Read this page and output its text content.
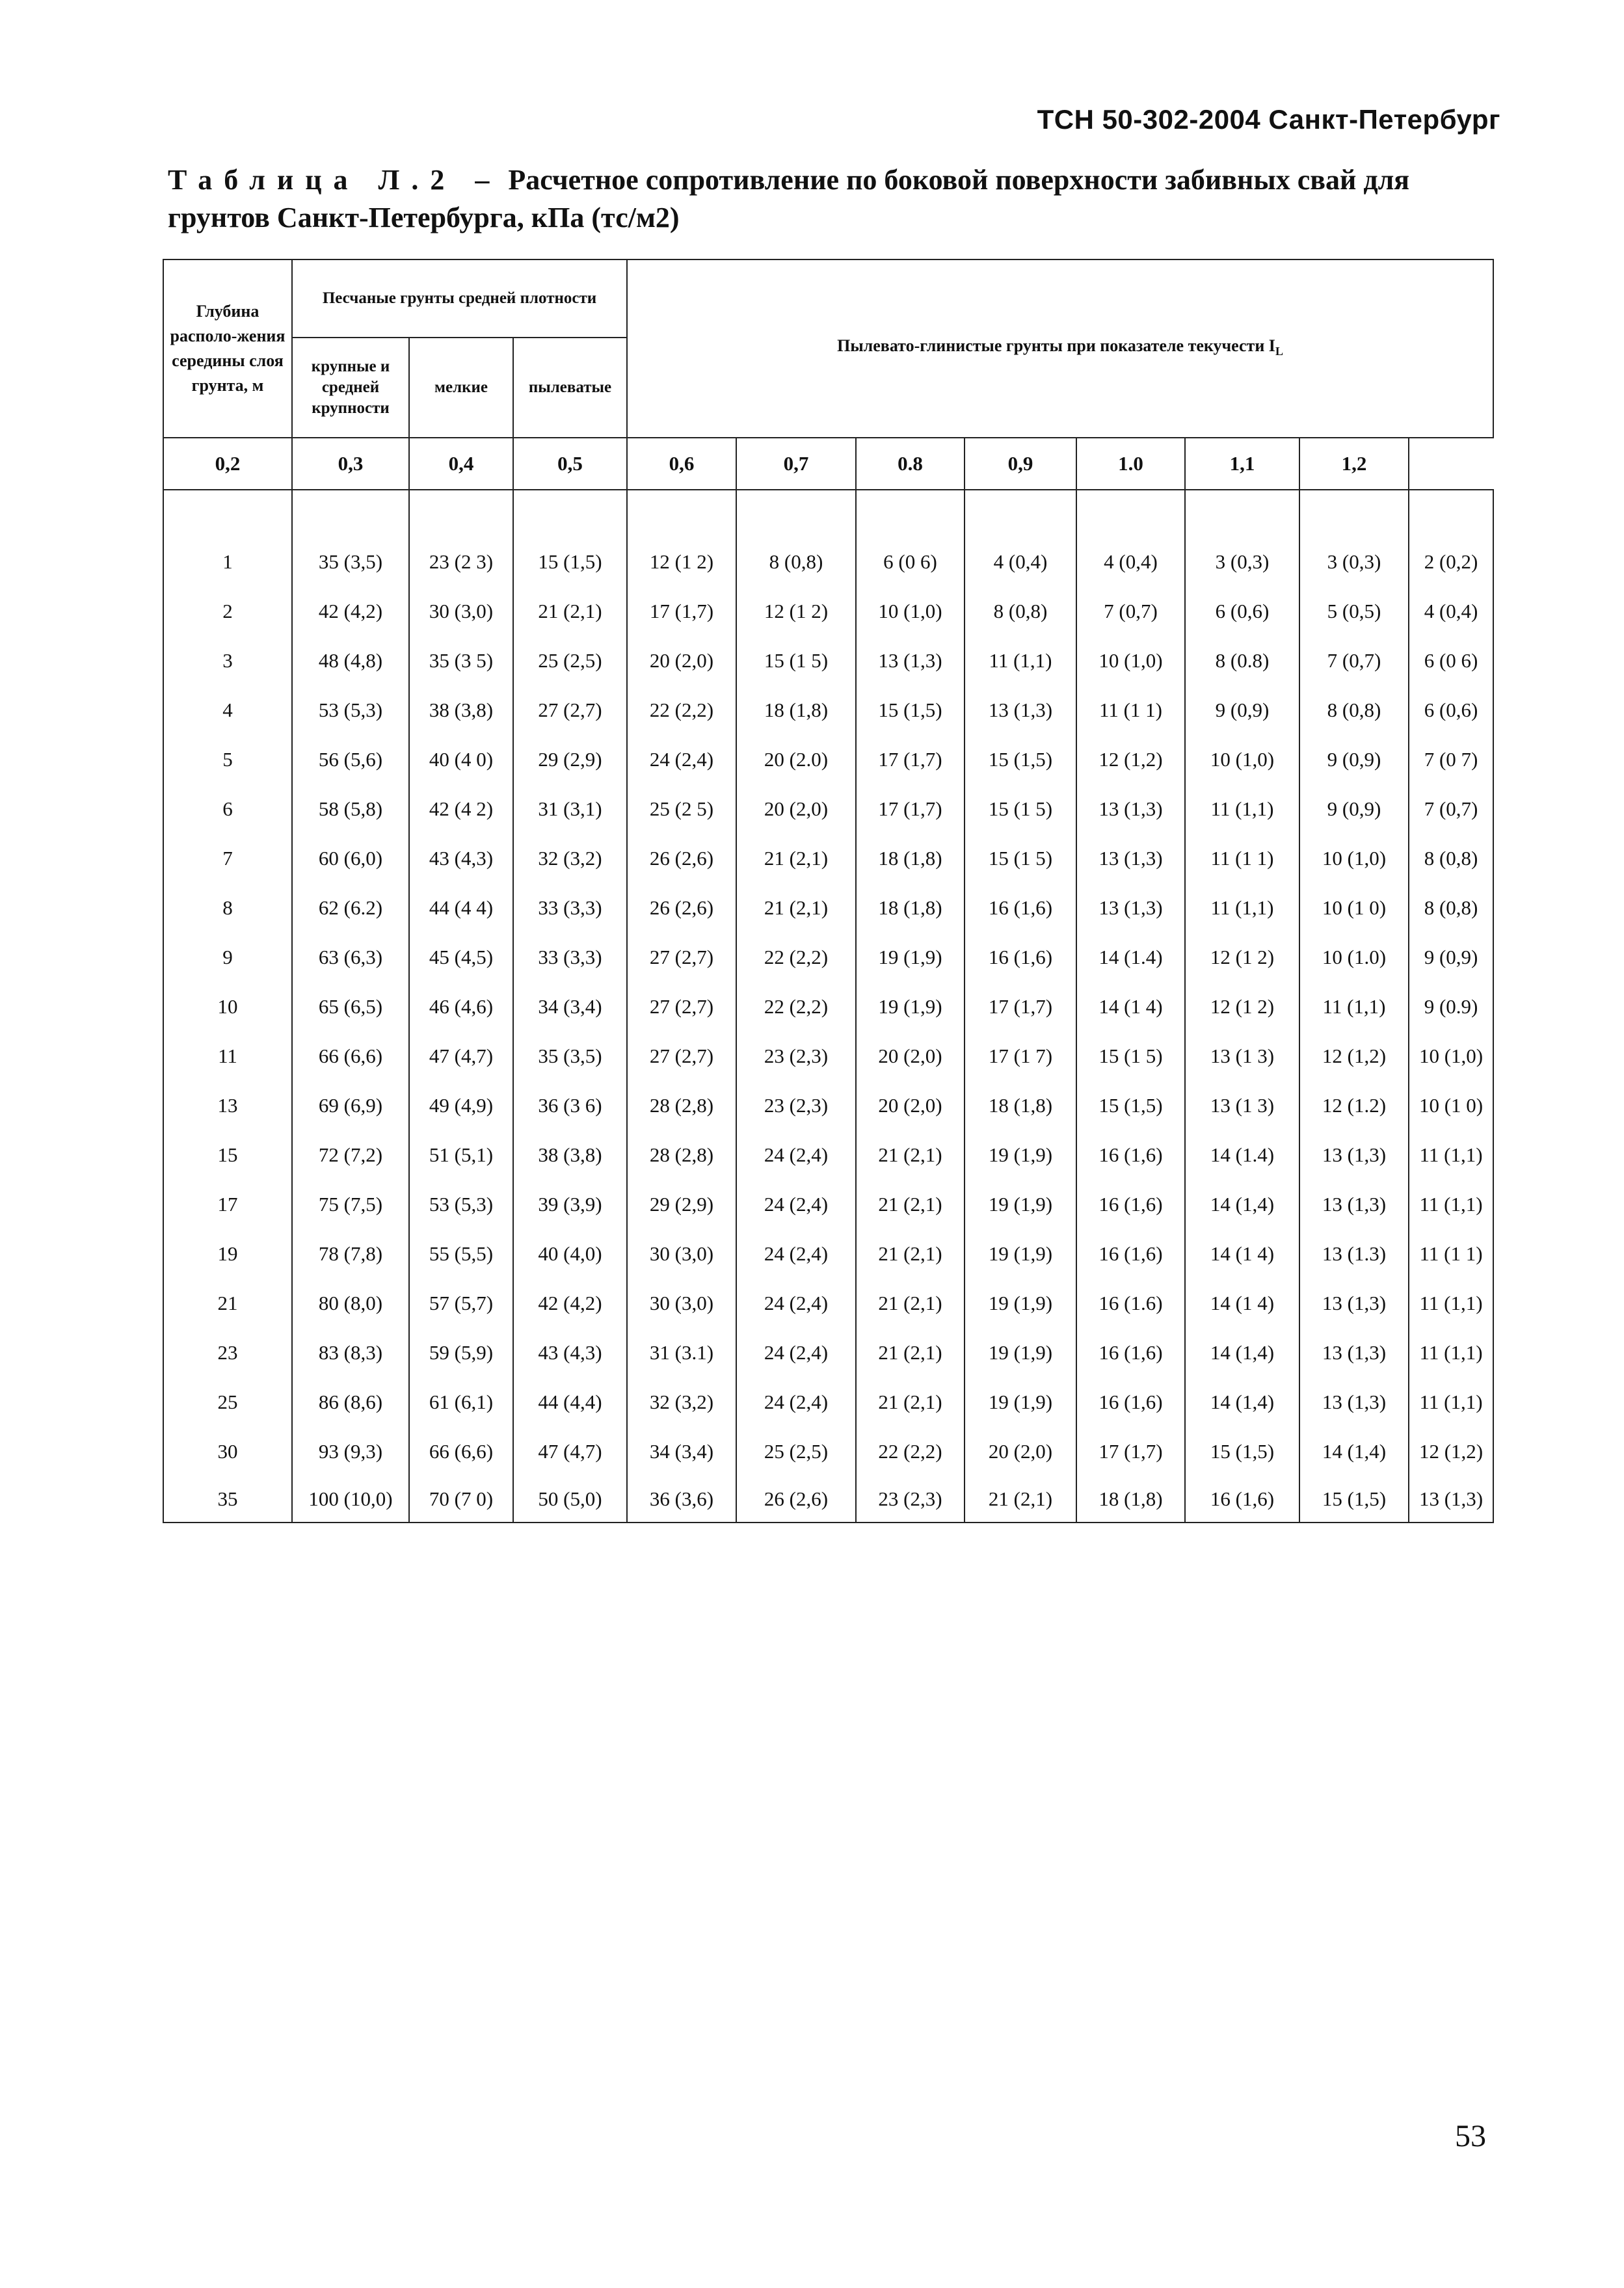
ТСН 50-302-2004 Санкт-Петербург
Таблица Л.2 – Расчетное сопротивление по боковой поверхности забивных свай для грунтов Санкт-Петербурга, кПа (тс/м2)
Глубина располо-жения середины слоя грунта, м	Песчаные грунты средней плотности			Пылевато-глинистые грунты при показателе текучести $I_L$
	крупные и средней крупности	мелкие	пылеватые								
0,2	0,3	0,4	0,5	0,6	0,7	0.8	0,9	1.0	1,1	1,2	

1	35 (3,5)	23 (2 3)	15 (1,5)	12 (1 2)	8 (0,8)	6 (0 6)	4 (0,4)	4 (0,4)	3 (0,3)	3 (0,3)	2 (0,2)
2	42 (4,2)	30 (3,0)	21 (2,1)	17 (1,7)	12 (1 2)	10 (1,0)	8 (0,8)	7 (0,7)	6 (0,6)	5 (0,5)	4 (0,4)
3	48 (4,8)	35 (3 5)	25 (2,5)	20 (2,0)	15 (1 5)	13 (1,3)	11 (1,1)	10 (1,0)	8 (0.8)	7 (0,7)	6 (0 6)
4	53 (5,3)	38 (3,8)	27 (2,7)	22 (2,2)	18 (1,8)	15 (1,5)	13 (1,3)	11 (1 1)	9 (0,9)	8 (0,8)	6 (0,6)
5	56 (5,6)	40 (4 0)	29 (2,9)	24 (2,4)	20 (2.0)	17 (1,7)	15 (1,5)	12 (1,2)	10 (1,0)	9 (0,9)	7 (0 7)
6	58 (5,8)	42 (4 2)	31 (3,1)	25 (2 5)	20 (2,0)	17 (1,7)	15 (1 5)	13 (1,3)	11 (1,1)	9 (0,9)	7 (0,7)
7	60 (6,0)	43 (4,3)	32 (3,2)	26 (2,6)	21 (2,1)	18 (1,8)	15 (1 5)	13 (1,3)	11 (1 1)	10 (1,0)	8 (0,8)
8	62 (6.2)	44 (4 4)	33 (3,3)	26 (2,6)	21 (2,1)	18 (1,8)	16 (1,6)	13 (1,3)	11 (1,1)	10 (1 0)	8 (0,8)
9	63 (6,3)	45 (4,5)	33 (3,3)	27 (2,7)	22 (2,2)	19 (1,9)	16 (1,6)	14 (1.4)	12 (1 2)	10 (1.0)	9 (0,9)
10	65 (6,5)	46 (4,6)	34 (3,4)	27 (2,7)	22 (2,2)	19 (1,9)	17 (1,7)	14 (1 4)	12 (1 2)	11 (1,1)	9 (0.9)
11	66 (6,6)	47 (4,7)	35 (3,5)	27 (2,7)	23 (2,3)	20 (2,0)	17 (1 7)	15 (1 5)	13 (1 3)	12 (1,2)	10 (1,0)
13	69 (6,9)	49 (4,9)	36 (3 6)	28 (2,8)	23 (2,3)	20 (2,0)	18 (1,8)	15 (1,5)	13 (1 3)	12 (1.2)	10 (1 0)
15	72 (7,2)	51 (5,1)	38 (3,8)	28 (2,8)	24 (2,4)	21 (2,1)	19 (1,9)	16 (1,6)	14 (1.4)	13 (1,3)	11 (1,1)
17	75 (7,5)	53 (5,3)	39 (3,9)	29 (2,9)	24 (2,4)	21 (2,1)	19 (1,9)	16 (1,6)	14 (1,4)	13 (1,3)	11 (1,1)
19	78 (7,8)	55 (5,5)	40 (4,0)	30 (3,0)	24 (2,4)	21 (2,1)	19 (1,9)	16 (1,6)	14 (1 4)	13 (1.3)	11 (1 1)
21	80 (8,0)	57 (5,7)	42 (4,2)	30 (3,0)	24 (2,4)	21 (2,1)	19 (1,9)	16 (1.6)	14 (1 4)	13 (1,3)	11 (1,1)
23	83 (8,3)	59 (5,9)	43 (4,3)	31 (3.1)	24 (2,4)	21 (2,1)	19 (1,9)	16 (1,6)	14 (1,4)	13 (1,3)	11 (1,1)
25	86 (8,6)	61 (6,1)	44 (4,4)	32 (3,2)	24 (2,4)	21 (2,1)	19 (1,9)	16 (1,6)	14 (1,4)	13 (1,3)	11 (1,1)
30	93 (9,3)	66 (6,6)	47 (4,7)	34 (3,4)	25 (2,5)	22 (2,2)	20 (2,0)	17 (1,7)	15 (1,5)	14 (1,4)	12 (1,2)
35	100 (10,0)	70 (7 0)	50 (5,0)	36 (3,6)	26 (2,6)	23 (2,3)	21 (2,1)	18 (1,8)	16 (1,6)	15 (1,5)	13 (1,3)
53
